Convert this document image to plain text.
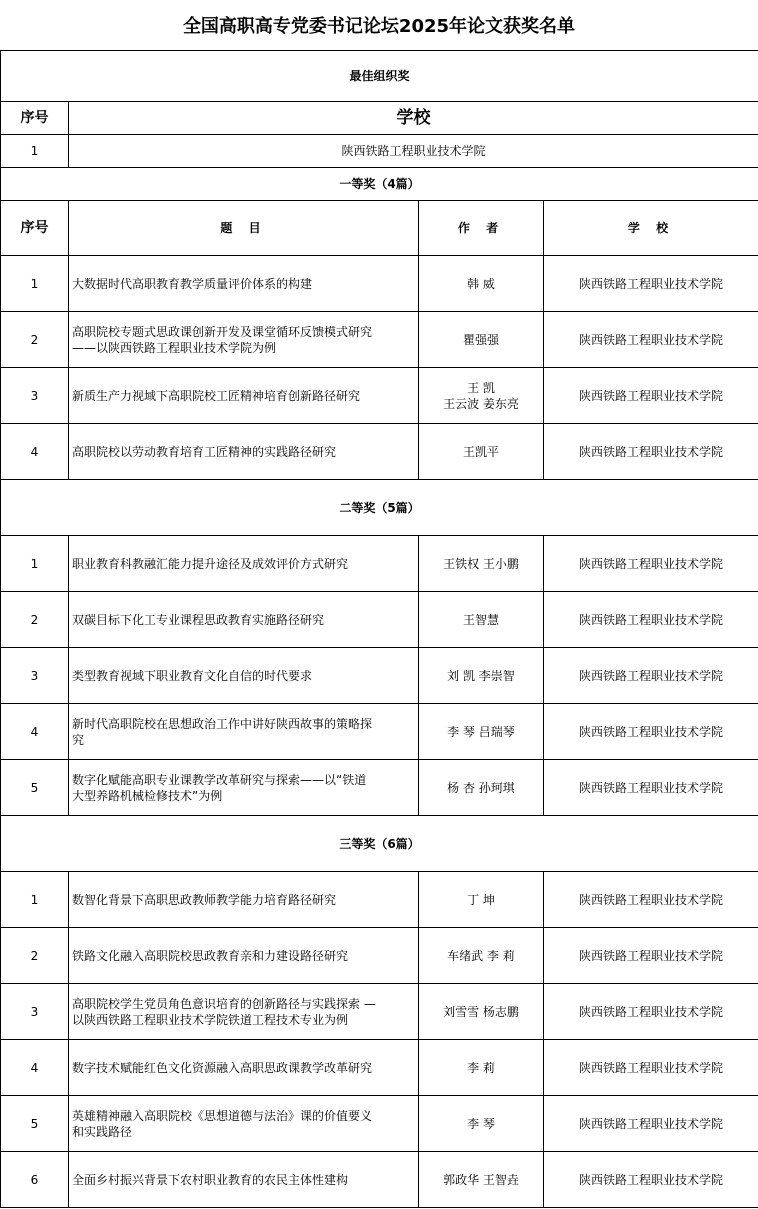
全国高职高专党委书记论坛2025年论文获奖名单
最佳组织奖			
序号	学校		
1	陕西铁路工程职业技术学院		
一等奖（4篇）			
序号	题 目	作 者	学 校
1	大数据时代高职教育教学质量评价体系的构建	韩 威	陕西铁路工程职业技术学院
2	高职院校专题式思政课创新开发及课堂循环反馈模式研究
——以陕西铁路工程职业技术学院为例	瞿强强	陕西铁路工程职业技术学院
3	新质生产力视域下高职院校工匠精神培育创新路径研究	王 凯
王云波 姜东亮	陕西铁路工程职业技术学院
4	高职院校以劳动教育培育工匠精神的实践路径研究	王凯平	陕西铁路工程职业技术学院
二等奖（5篇）			
1	职业教育科教融汇能力提升途径及成效评价方式研究	王铁权 王小鹏	陕西铁路工程职业技术学院
2	双碳目标下化工专业课程思政教育实施路径研究	王智慧	陕西铁路工程职业技术学院
3	类型教育视域下职业教育文化自信的时代要求	刘 凯 李崇智	陕西铁路工程职业技术学院
4	新时代高职院校在思想政治工作中讲好陕西故事的策略探
究	李 琴 吕瑞琴	陕西铁路工程职业技术学院
5	数字化赋能高职专业课教学改革研究与探索——以“铁道
大型养路机械检修技术”为例	杨 杏 孙珂琪	陕西铁路工程职业技术学院
三等奖（6篇）			
1	数智化背景下高职思政教师教学能力培育路径研究	丁 坤	陕西铁路工程职业技术学院
2	铁路文化融入高职院校思政教育亲和力建设路径研究	车绪武 李 莉	陕西铁路工程职业技术学院
3	高职院校学生党员角色意识培育的创新路径与实践探索 —
以陕西铁路工程职业技术学院铁道工程技术专业为例	刘雪雪 杨志鹏	陕西铁路工程职业技术学院
4	数字技术赋能红色文化资源融入高职思政课教学改革研究	李 莉	陕西铁路工程职业技术学院
5	英雄精神融入高职院校《思想道德与法治》课的价值要义
和实践路径	李 琴	陕西铁路工程职业技术学院
6	全面乡村振兴背景下农村职业教育的农民主体性建构	郭政华 王智垚	陕西铁路工程职业技术学院
